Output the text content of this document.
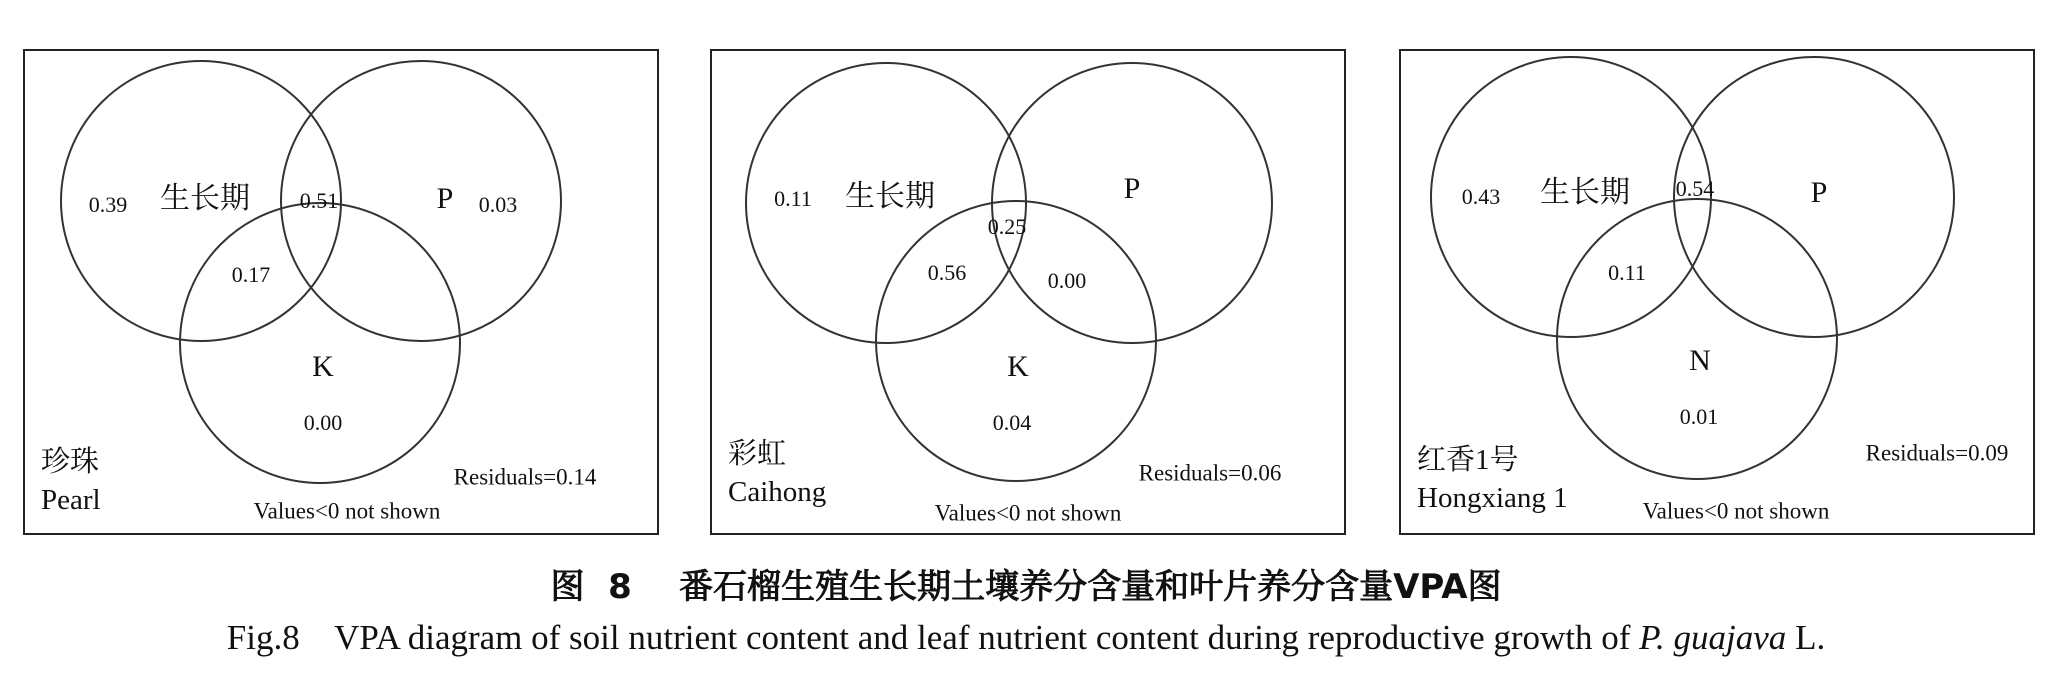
生长期	P
K
0.39	0.51	0.03
0.17
0.00
Residuals=0.14
Values<0 not shown
珍珠
Pearl
生长期	P
K
0.11
0.25
0.56	0.00
0.04
Residuals=0.06
Values<0 not shown
彩虹
Caihong
生长期	P
N
0.43	0.54
0.11
0.01
Residuals=0.09
Values<0 not shown
红香1号
Hongxiang 1
图  8    番石榴生殖生长期土壤养分含量和叶片养分含量VPA图
Fig.8    VPA diagram of soil nutrient content and leaf nutrient content during reproductive growth of P. guajava L.
